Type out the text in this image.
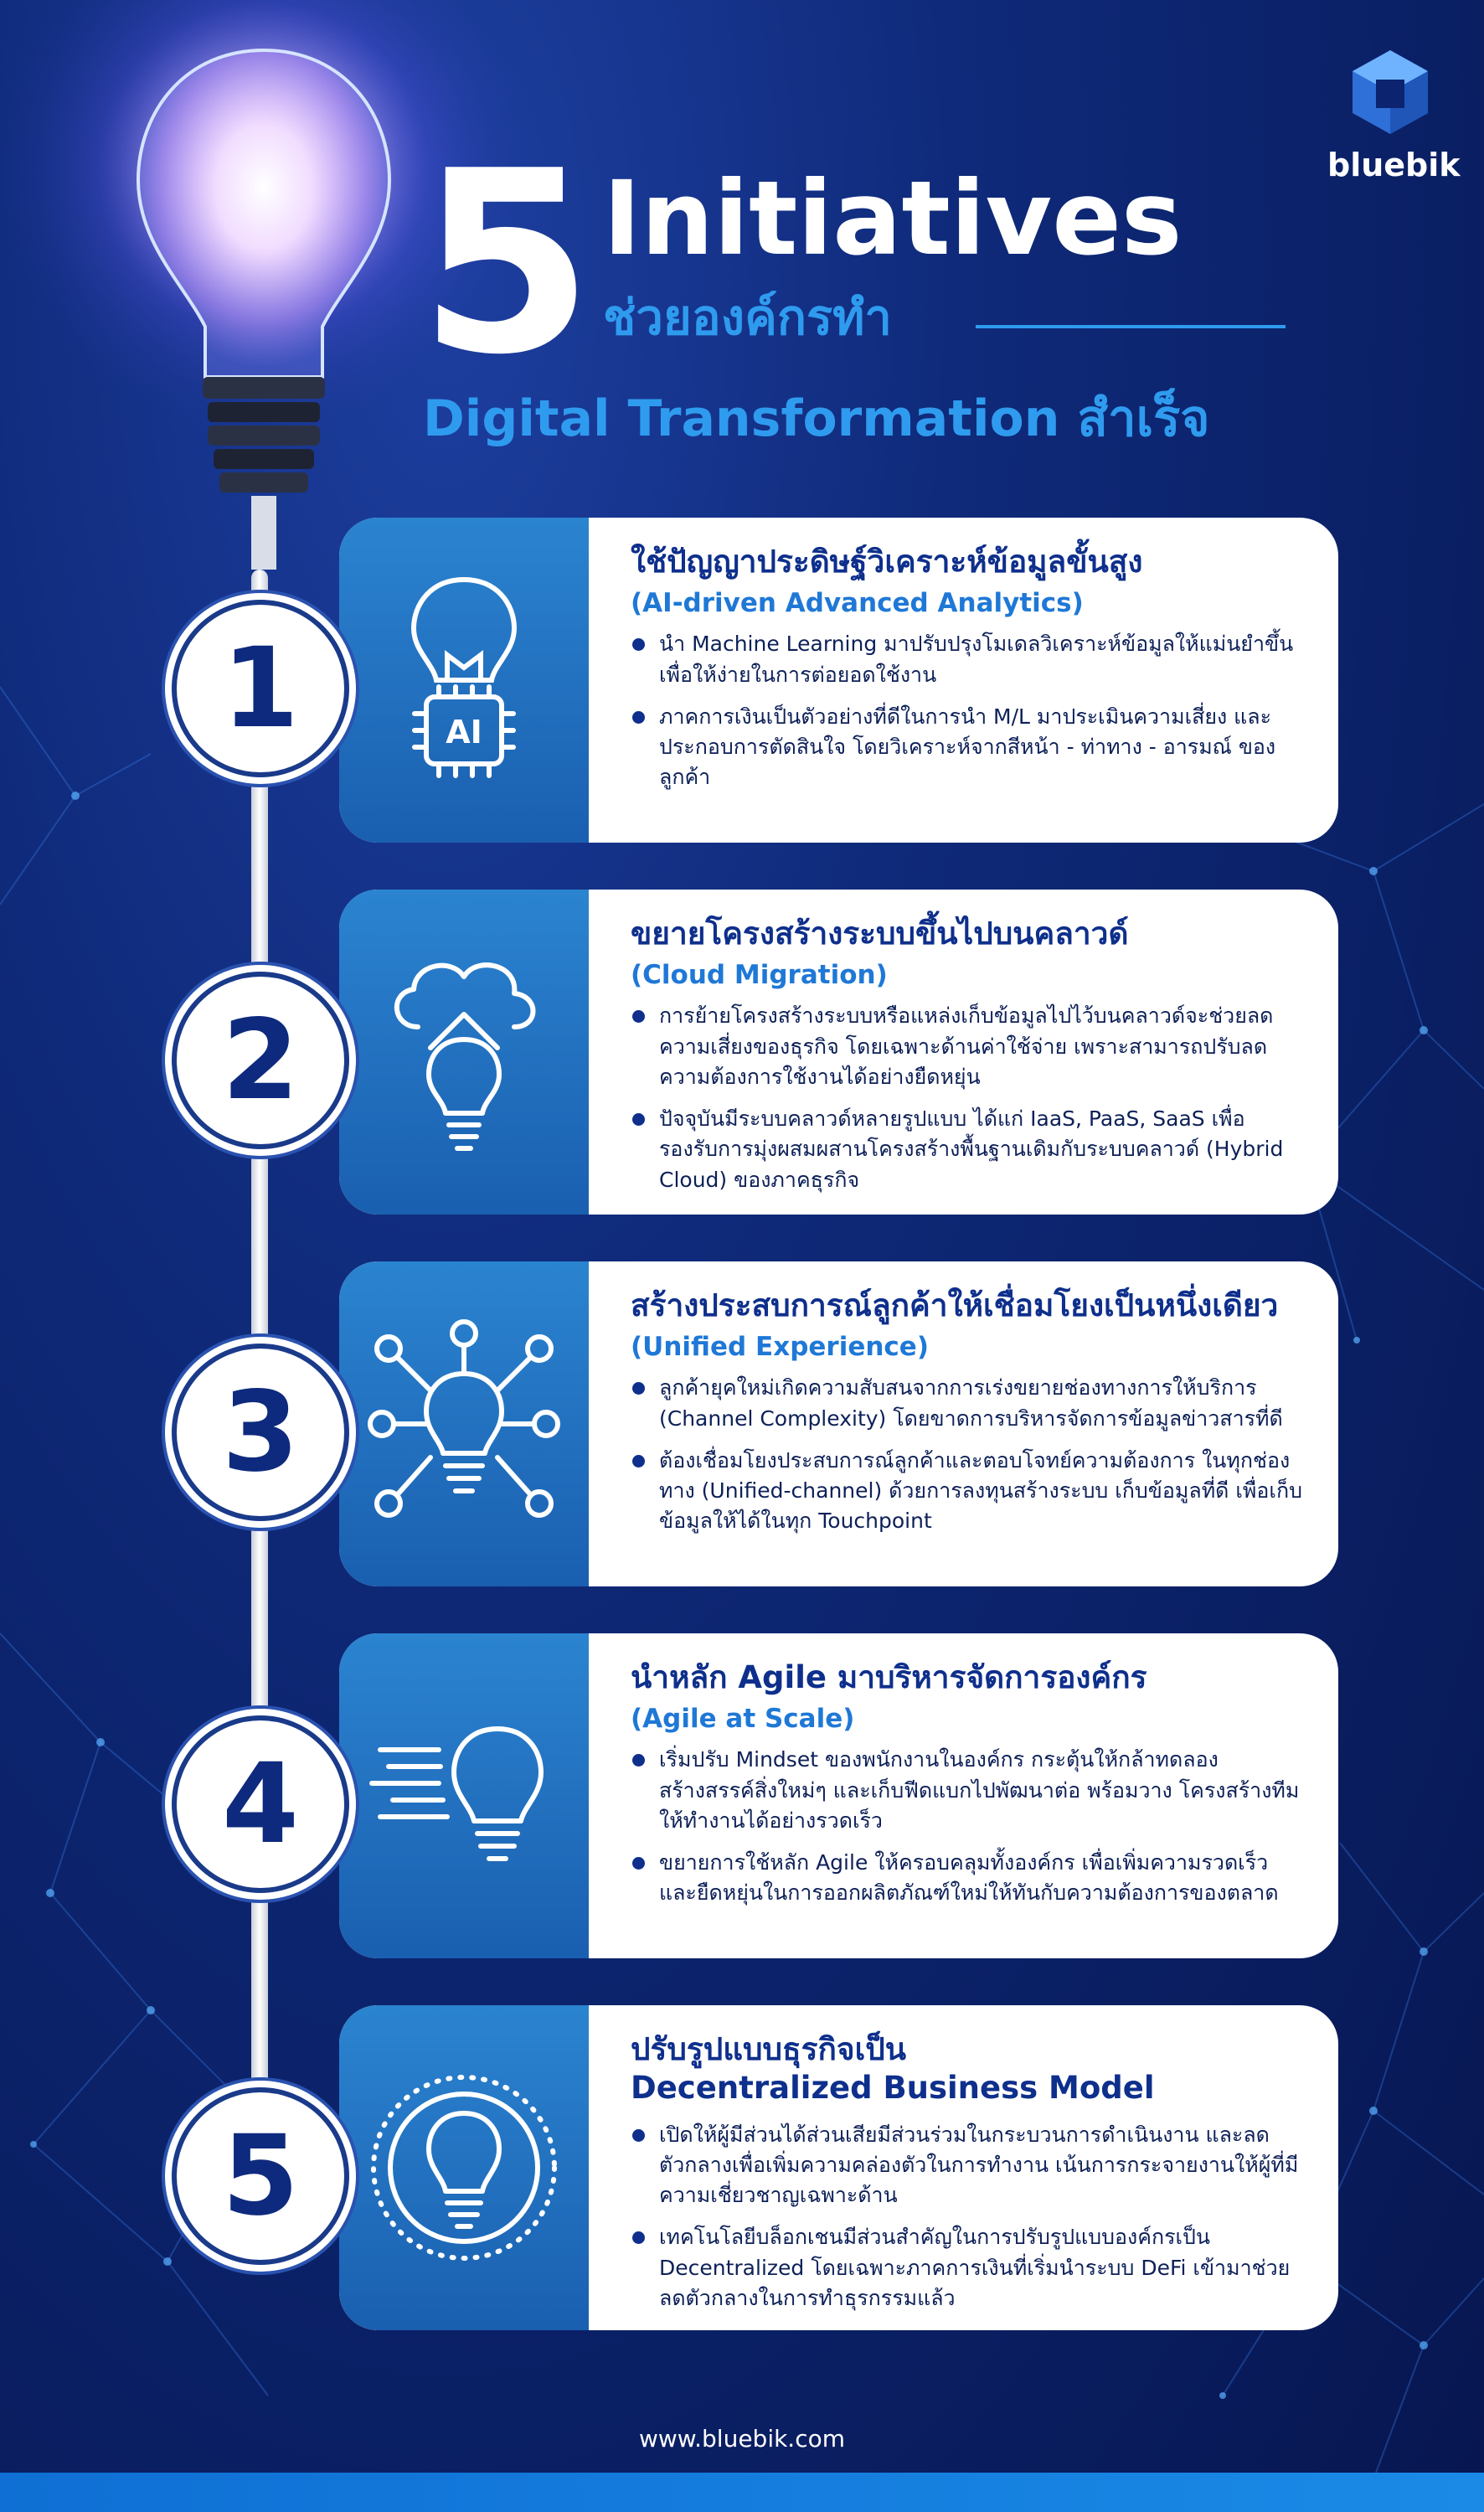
bluebik
5 Initiatives
ช่วยองค์กรทำ
Digital Transformation สำเร็จ
AI
ใช้ปัญญาประดิษฐ์วิเคราะห์ข้อมูลขั้นสูง
(AI-driven Advanced Analytics)
นำ Machine Learning มาปรับปรุงโมเดลวิเคราะห์ข้อมูลให้แม่นยำขึ้น เพื่อให้ง่ายในการต่อยอดใช้งาน
ภาคการเงินเป็นตัวอย่างที่ดีในการนำ M/L มาประเมินความเสี่ยง และประกอบการตัดสินใจ โดยวิเคราะห์จากสีหน้า - ท่าทาง - อารมณ์ ของลูกค้า
1
ขยายโครงสร้างระบบขึ้นไปบนคลาวด์
(Cloud Migration)
การย้ายโครงสร้างระบบหรือแหล่งเก็บข้อมูลไปไว้บนคลาวด์จะช่วยลด ความเสี่ยงของธุรกิจ โดยเฉพาะด้านค่าใช้จ่าย เพราะสามารถปรับลด ความต้องการใช้งานได้อย่างยืดหยุ่น
ปัจจุบันมีระบบคลาวด์หลายรูปแบบ ได้แก่ IaaS, PaaS, SaaS เพื่อ รองรับการมุ่งผสมผสานโครงสร้างพื้นฐานเดิมกับระบบคลาวด์ (Hybrid Cloud) ของภาคธุรกิจ
2
สร้างประสบการณ์ลูกค้าให้เชื่อมโยงเป็นหนึ่งเดียว
(Unified Experience)
ลูกค้ายุคใหม่เกิดความสับสนจากการเร่งขยายช่องทางการให้บริการ (Channel Complexity) โดยขาดการบริหารจัดการข้อมูลข่าวสารที่ดี
ต้องเชื่อมโยงประสบการณ์ลูกค้าและตอบโจทย์ความต้องการ ในทุกช่องทาง (Unified-channel) ด้วยการลงทุนสร้างระบบ เก็บข้อมูลที่ดี เพื่อเก็บข้อมูลให้ได้ในทุก Touchpoint
3
นำหลัก Agile มาบริหารจัดการองค์กร
(Agile at Scale)
เริ่มปรับ Mindset ของพนักงานในองค์กร กระตุ้นให้กล้าทดลอง สร้างสรรค์สิ่งใหม่ๆ และเก็บฟีดแบกไปพัฒนาต่อ พร้อมวาง โครงสร้างทีมให้ทำงานได้อย่างรวดเร็ว
ขยายการใช้หลัก Agile ให้ครอบคลุมทั้งองค์กร เพื่อเพิ่มความรวดเร็ว และยืดหยุ่นในการออกผลิตภัณฑ์ใหม่ให้ทันกับความต้องการของตลาด
4
ปรับรูปแบบธุรกิจเป็น
Decentralized Business Model
เปิดให้ผู้มีส่วนได้ส่วนเสียมีส่วนร่วมในกระบวนการดำเนินงาน และลดตัวกลางเพื่อเพิ่มความคล่องตัวในการทำงาน เน้นการกระจายงานให้ผู้ที่มีความเชี่ยวชาญเฉพาะด้าน
เทคโนโลยีบล็อกเชนมีส่วนสำคัญในการปรับรูปแบบองค์กรเป็น Decentralized โดยเฉพาะภาคการเงินที่เริ่มนำระบบ DeFi เข้ามาช่วย ลดตัวกลางในการทำธุรกรรมแล้ว
5
www.bluebik.com
